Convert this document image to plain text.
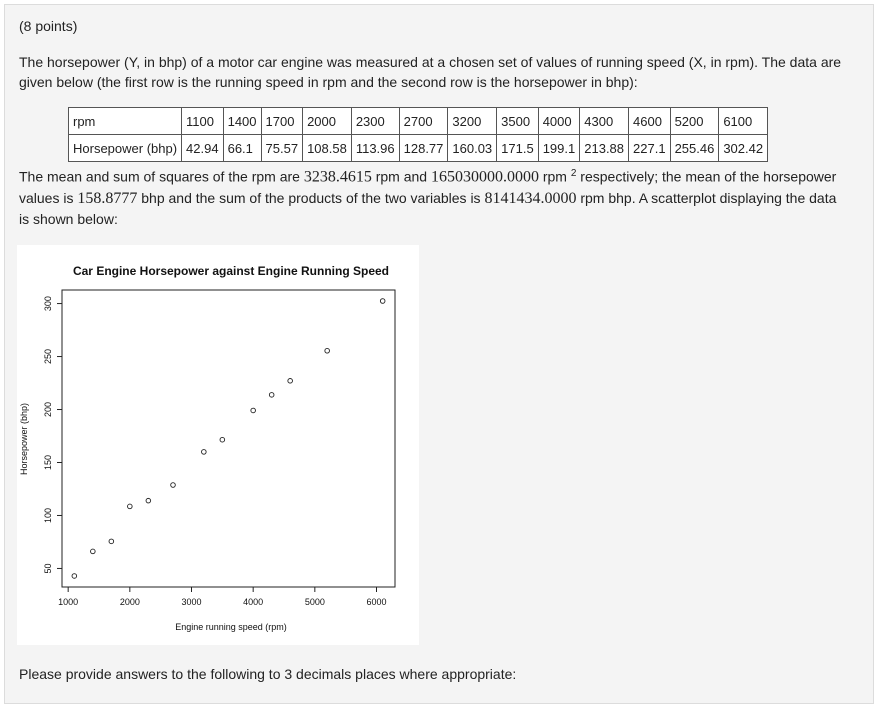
(8 points)
The horsepower (Y, in bhp) of a motor car engine was measured at a chosen set of values of running speed (X, in rpm). The data are
given below (the first row is the running speed in rpm and the second row is the horsepower in bhp):
rpm	1100	1400	1700	2000	2300	2700	3200	3500	4000	4300	4600	5200	6100
Horsepower (bhp)	42.94	66.1	75.57	108.58	113.96	128.77	160.03	171.5	199.1	213.88	227.1	255.46	302.42
The mean and sum of squares of the rpm are 3238.4615 rpm and 165030000.0000 rpm $^2$ respectively; the mean of the horsepower
values is 158.8777 bhp and the sum of the products of the two variables is 8141434.0000 rpm bhp. A scatterplot displaying the data
is shown below:
Car Engine Horsepower against Engine Running Speed
Engine running speed (rpm)
Horsepower (bhp)
1000	2000	3000	4000	5000	6000
50
100
150
200
250
300
Please provide answers to the following to 3 decimals places where appropriate:
